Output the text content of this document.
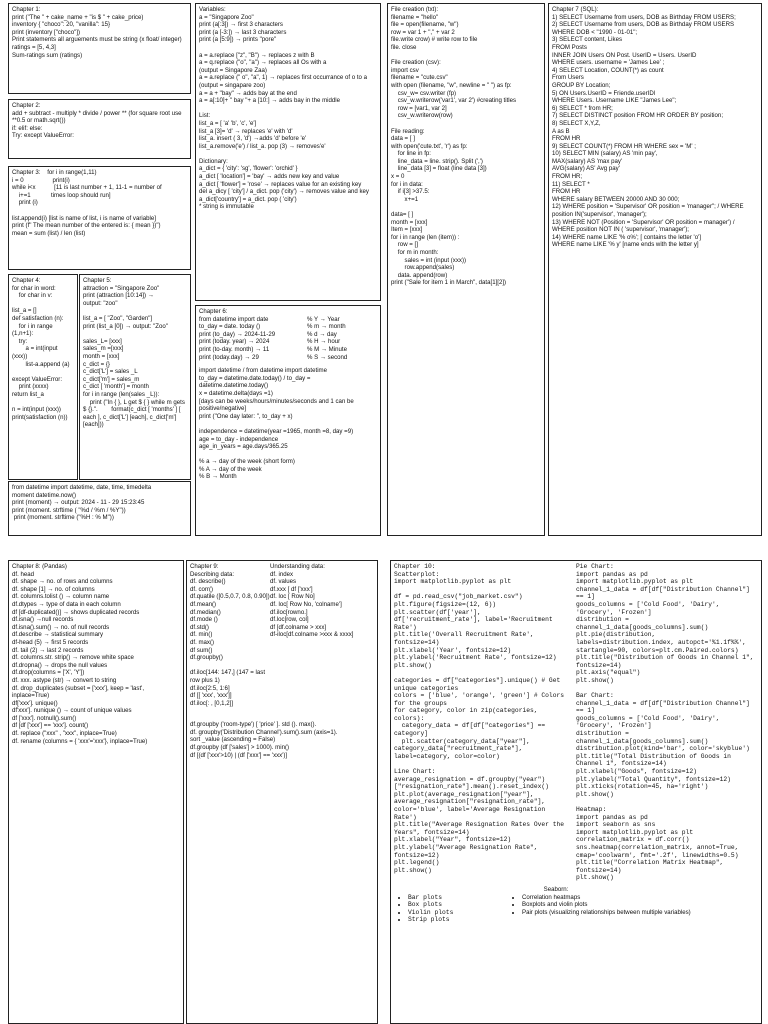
Chapter 1:
print ("The " + cake_name + "is $ " + cake_price)
inventory { "choco": 20, "vanilla": 15}
print (inventory ["choco"])
Print statements all arguements must be string (x float/ integer)
ratings = [5, 4,3]
Sum-ratings sum (ratings)

Chapter 2:
add + subtract - multiply * divide / power ** (for square root use **0.5 or math.sqrt())
if: elif: else:
Try: except ValueError:

Chapter 3:    for i in range(1,11)
i = 0                 print(i)
while i<x           [11 is last number + 1, 11-1 = number of
i+=1            times loop should run]
print (i)

list.append(i) [list is name of list, i is name of variable]
print (f" The mean number of the entered is: { mean })")
mean = sum (list) / len (list)

Chapter 4:
for char in word:
for char in v:

list_a = []
def satisfaction (n):
for i in range
(1,n+1):
try:
a = int(input
(xxx))
list-a.append (a)

except ValueError:
print (xxxx)
return list_a

n = int(input (xxx))
print(satisfaction (n))

Chapter 5:
attraction = "Singapore Zoo"
print (attraction [10:14]) →
output: "zoo"

list_a = [ "Zoo", "Garden"]
print (list_a [0]) → output: "Zoo"

sales_L= [xxx]
sales_m =[xxx]
month = [xxx]
c_dict = {}
c_dict['L'] = sales _L
c_dict['m'] = sales_m
c_dict [ 'month'] = month
for i in range (len(sales _L)):
print ("In { }, L get $ { } while m gets $ {}.".        format(c_dict [ 'months' ] [ each ], c_dict['L'] [each], c_dict['m'] [each]))

from datetime import datetime, date, time, timedelta
moment datetime.now()
print (moment) → output: 2024 - 11 - 29 15:23:45
print (moment. strftime ( "%d / %m / %Y"))
print (moment. strftime ("%H : % M"))

Variables:
a = "Singapore Zoo"
print (a[:3]) → first 3 characters
print (a [-3:]) → last 3 characters
print (a [5:9]) → prints "pore"

a = a.replace ["z", "B") → replaces z with B
a = q.replace ("o", "a") → replaces all Os with a
(output = Singapore Zaa)
a = a.replace (" o", "a", 1) → replaces first occurrance of o to a
(output = singapare zoo)
a = a + "bay" → adds bay at the end
a = a[:10]+ " bay "+ a [10:] → adds bay in the middle

List:
list_a = [ 'a' 'b', 'c', 'e']
list_a [3]= 'd' → replaces 'e' with 'd'
list_a. insert ( 3, 'd') →adds 'd' before 'e'
list_a.remove('e') / list_a. pop (3) → removes'e'

Dictionary:
a_dict = { 'city': 'sg', 'flower': 'orchid' }
a_dict [ 'location'] = 'bay' → adds new key and value
a_dict [ 'flower'] = 'rose' → replaces value for an existing key
del a_dicy [ 'city'] / a_dict. pop ('city') → removes value and key
a_dict['country'] = a_dict. pop ( 'city')
* string is immutable

Chapter 6:

from datetime import date
to_day = date. today ()
print (to_day) → 2024-11-29
print (today. year) → 2024
print (to-day. month) → 11
print (today.day) → 29

% Y → Year
% m → month
% d → day
% H → hour
% M → Minute
% S → second

import datetime / from datetime import datetime
to_day = datetime.date.today() / to_day = datetime.datetime.today()
x = datetime.delta(days =1)
[days can be weeks/hours/minutes/seconds and 1 can be positive/negative]
print ("One day later: ", to_day + x)

independence = datetime(year =1965, month =8, day =9)
age = to_day - independence
age_in_years = age.days/365.25

% a → day of the week (short form)
% A → day of the week
% B → Month

File creation (txt):
filename = "hello"
file = open(filename, "w")
row = var 1 + "," + var 2
file.write crow) # write row to file
file. close

File creation (csv):
import csv
filename = "cute.csv"
with open (filename, "w", newline = " ") as fp:
csv_w= csv.writer (fp)
csv_w.writerow('var1', var 2') #creating titles
row = [var1, var 2]
csv_w.writerow(row)

File reading:
data = [ ]
with open('cute.txt', 'r') as fp:
for line in fp:
line_data = line. strip(). Split (',')
line_data [3] = float (line data [3])
x = 0
for i in data:
if i[3] >37.5:
x+=1

data= [ ]
month = [xxx]
Item = [xxx]
for i in range (len (item)) :
row = []
for m in month:
sales = int (input (xxx))
row.append(sales)
data. append(row)
print ("Sale for item 1 in March", data[1][2])

Chapter 7 (SQL):
1) SELECT Username from users, DOB as Birthday FROM USERS;
2) SELECT Username from users, DOB as Birthday FROM USERS WHERE DOB < "1990 - 01-01";
3) SELECT content, Likes
FROM Posts
INNER JOIN Users ON Post. UserID = Users. UserID
WHERE users. username = 'James Lee' ;
4) SELECT Location, COUNT(*) as count
From Users
GROUP BY Location;
5) ON Users.UserID = Friende.userIDl
WHERE Users. Username LIKE "James Lee";
6) SELECT * from HR;
7) SELECT DISTINCT position FROM HR ORDER BY position;
8) SELECT X,Y,Z,
A as B
FROM HR
9) SELECT COUNT(*) FROM HR WHERE sex = 'M' ;
10) SELECT MIN (salary) AS 'min pay',
MAX(salary) AS 'max pay'
AVG(salary) AS' Avg pay'
FROM HR;
11) SELECT *
FROM HR
WHERE salary BETWEEN 20000 AND 30 000;
12) WHERE position = 'Supervisor' OR position = 'manager"; / WHERE position IN('supervisor', 'manager');
13) WHERE NOT (Position = 'Supervisor' OR position = manager') / WHERE position NOT IN ( 'supervisor', 'manager');
14) WHERE name LIKE '% o%'; [ contains the letter 'o']
WHERE name LIKE '% y' [name ends with the letter y]

Chapter 8: (Pandas)
df. head
df. shape → no. of rows and columns
df. shape [1] → no. of columns
df. columns.tolist () → column name
df.dtypes → type of data in each column
df [df-duplicated()] → shows duplicated records
df.isna() →null records
df.isna().sum() → no. of null records
df.describe → statistical summary
df-head (5) → first 5 records
df. tail (2) → last 2 records
df. columns.str. strip() → remove white space
df.dropna() → drops the null values
df.drop(columns = ['X', 'Y'])
df. xxx. astype (str) → convert to string
df. drop_duplicates (subset = ['xxx'], keep = 'last', inplace=True)
df['xxx']. unique()
df'xxx']. nunique () → count of unique values
df ['xxx']. notnull().sum()
df [df ['xxx'] == 'xxx']. count()
df. replace ("xxx" , "xxx", inplace=True)
df. rename (columns = { 'xxx'='xxx'}, inplace=True)

Chapter 9:
Describing data:
df. describe()
df. corr()
df.quatile ([0.5,0.7, 0.8, 0.90])
df.mean()
df.median()
df.mode ()
df.std()
df. min()
df. max()
df sum()
df.groupby()

df.iloc[144: 147,] (147 = last row plus 1)
df.iloc[2:5, 1:6]
df [[ 'xxx', 'xxx']]
df.iloc[: , [0,1,2]]

Understanding data:
df. index
df. values
df.xxx [ df ['xxx']
df. loc [ Row No]
df. loc[ Row No, 'colname']
df.iloc[rowno.]
df.loc[row, col]
df [df.colname > xxx]
df-iloc[df.colname >xxx & xxxx]

df.groupby ('room-type') [ 'price' ]. std (). max().
df. groupby('Distribution Channel').sum().sum (axis=1).
sort _value (ascending = False)
df.groupby (df ['sales'] > 1000). min()
df [(df ['xxx'>10) | (df ['xxx'] == 'xxx')]

Chapter 10:
Scatterplot:
import matplotlib.pyplot as plt

df = pd.read_csv("job_market.csv")
plt.figure(figsize=(12, 6))
plt.scatter(df['year'], df['recruitment_rate'], label='Recruitment Rate')
plt.title('Overall Recruitment Rate', fontsize=14)
plt.xlabel('Year', fontsize=12)
plt.ylabel('Recruitment Rate', fontsize=12)
plt.show()

categories = df["categories"].unique() # Get unique categories
colors = ['blue', 'orange', 'green'] # Colors for the groups
for category, color in zip(categories, colors):
category_data = df[df["categories"] == category]
plt.scatter(category_data["year"], category_data["recruitment_rate"], label=category, color=color)

Line Chart:
average_resignation = df.groupby("year")["resignation_rate"].mean().reset_index()
plt.plot(average_resignation["year"], average_resignation["resignation_rate"], color='blue', label='Average Resignation Rate')
plt.title("Average Resignation Rates Over the Years", fontsize=14)
plt.xlabel("Year", fontsize=12)
plt.ylabel("Average Resignation Rate", fontsize=12)
plt.legend()
plt.show()

Pie Chart:
import pandas as pd
import matplotlib.pyplot as plt
channel_1_data = df[df["Distribution Channel"] == 1]
goods_columns = ['Cold Food', 'Dairy', 'Grocery', 'Frozen']
distribution = channel_1_data[goods_columns].sum()
plt.pie(distribution, labels=distribution.index, autopct='%1.1f%%', startangle=90, colors=plt.cm.Paired.colors)
plt.title("Distribution of Goods in Channel 1", fontsize=14)
plt.axis("equal")
plt.show()

Bar Chart:
channel_1_data = df[df["Distribution Channel"] == 1]
goods_columns = ['Cold Food', 'Dairy', 'Grocery', 'Frozen']
distribution = channel_1_data[goods_columns].sum()
distribution.plot(kind='bar', color='skyblue')
plt.title("Total Distribution of Goods in Channel 1", fontsize=14)
plt.xlabel("Goods", fontsize=12)
plt.ylabel("Total Quantity", fontsize=12)
plt.xticks(rotation=45, ha='right')
plt.show()

Heatmap:
import pandas as pd
import seaborn as sns
import matplotlib.pyplot as plt
correlation_matrix = df.corr()
sns.heatmap(correlation_matrix, annot=True, cmap='coolwarm', fmt='.2f', linewidths=0.5)
plt.title("Correlation Matrix Heatmap", fontsize=14)
plt.show()

Seaborn:

• Bar plots
• Box plots
• Violin plots
• Strip plots
• Correlation heatmaps
• Boxplots and violin plots
• Pair plots (visualizing relationships between multiple variables)
